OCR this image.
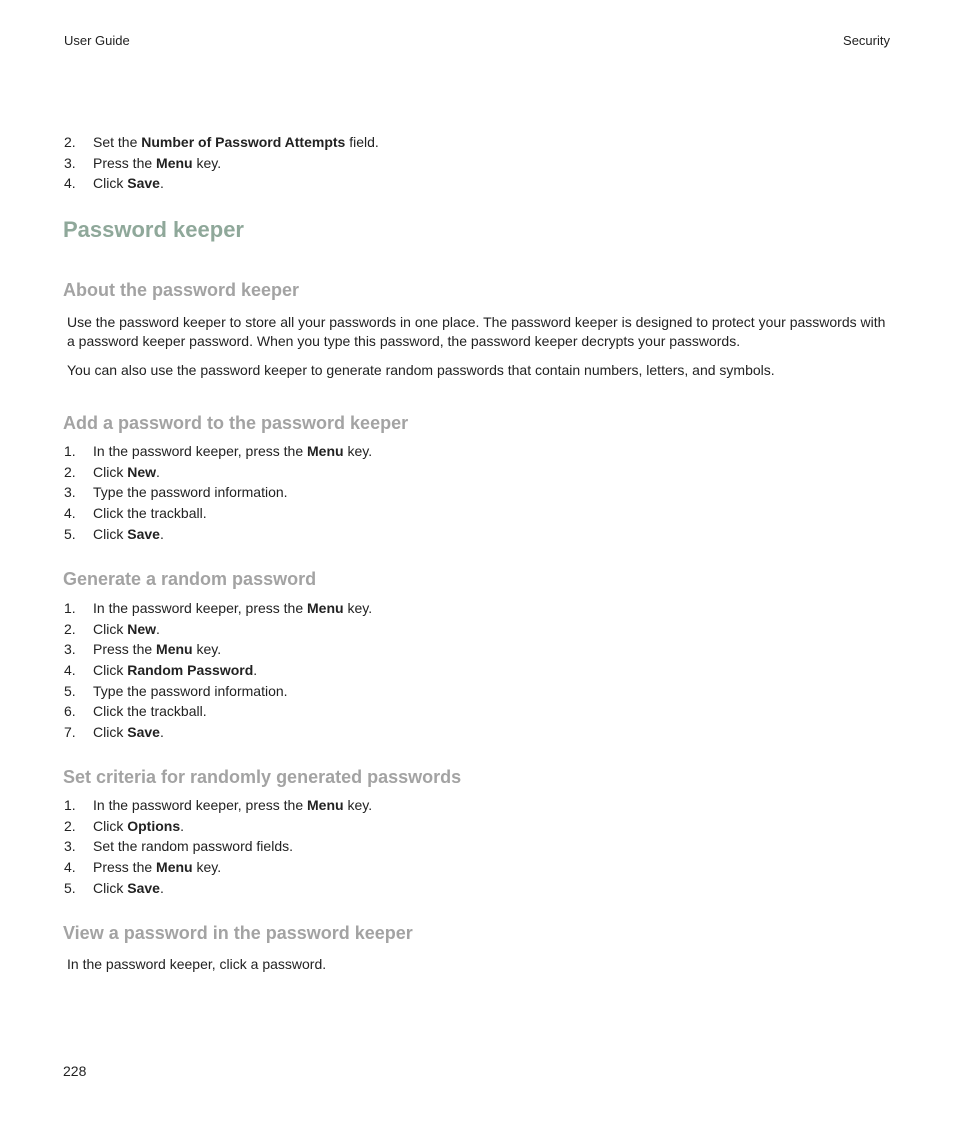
User Guide	Security
2. Set the Number of Password Attempts field.
3. Press the Menu key.
4. Click Save.
Password keeper
About the password keeper

Use the password keeper to store all your passwords in one place. The password keeper is designed to protect your passwords with a password keeper password. When you type this password, the password keeper decrypts your passwords.

You can also use the password keeper to generate random passwords that contain numbers, letters, and symbols.

Add a password to the password keeper
1. In the password keeper, press the Menu key.
2. Click New.
3. Type the password information.
4. Click the trackball.
5. Click Save.
Generate a random password
1. In the password keeper, press the Menu key.
2. Click New.
3. Press the Menu key.
4. Click Random Password.
5. Type the password information.
6. Click the trackball.
7. Click Save.
Set criteria for randomly generated passwords
1. In the password keeper, press the Menu key.
2. Click Options.
3. Set the random password fields.
4. Press the Menu key.
5. Click Save.
View a password in the password keeper

In the password keeper, click a password.

228
